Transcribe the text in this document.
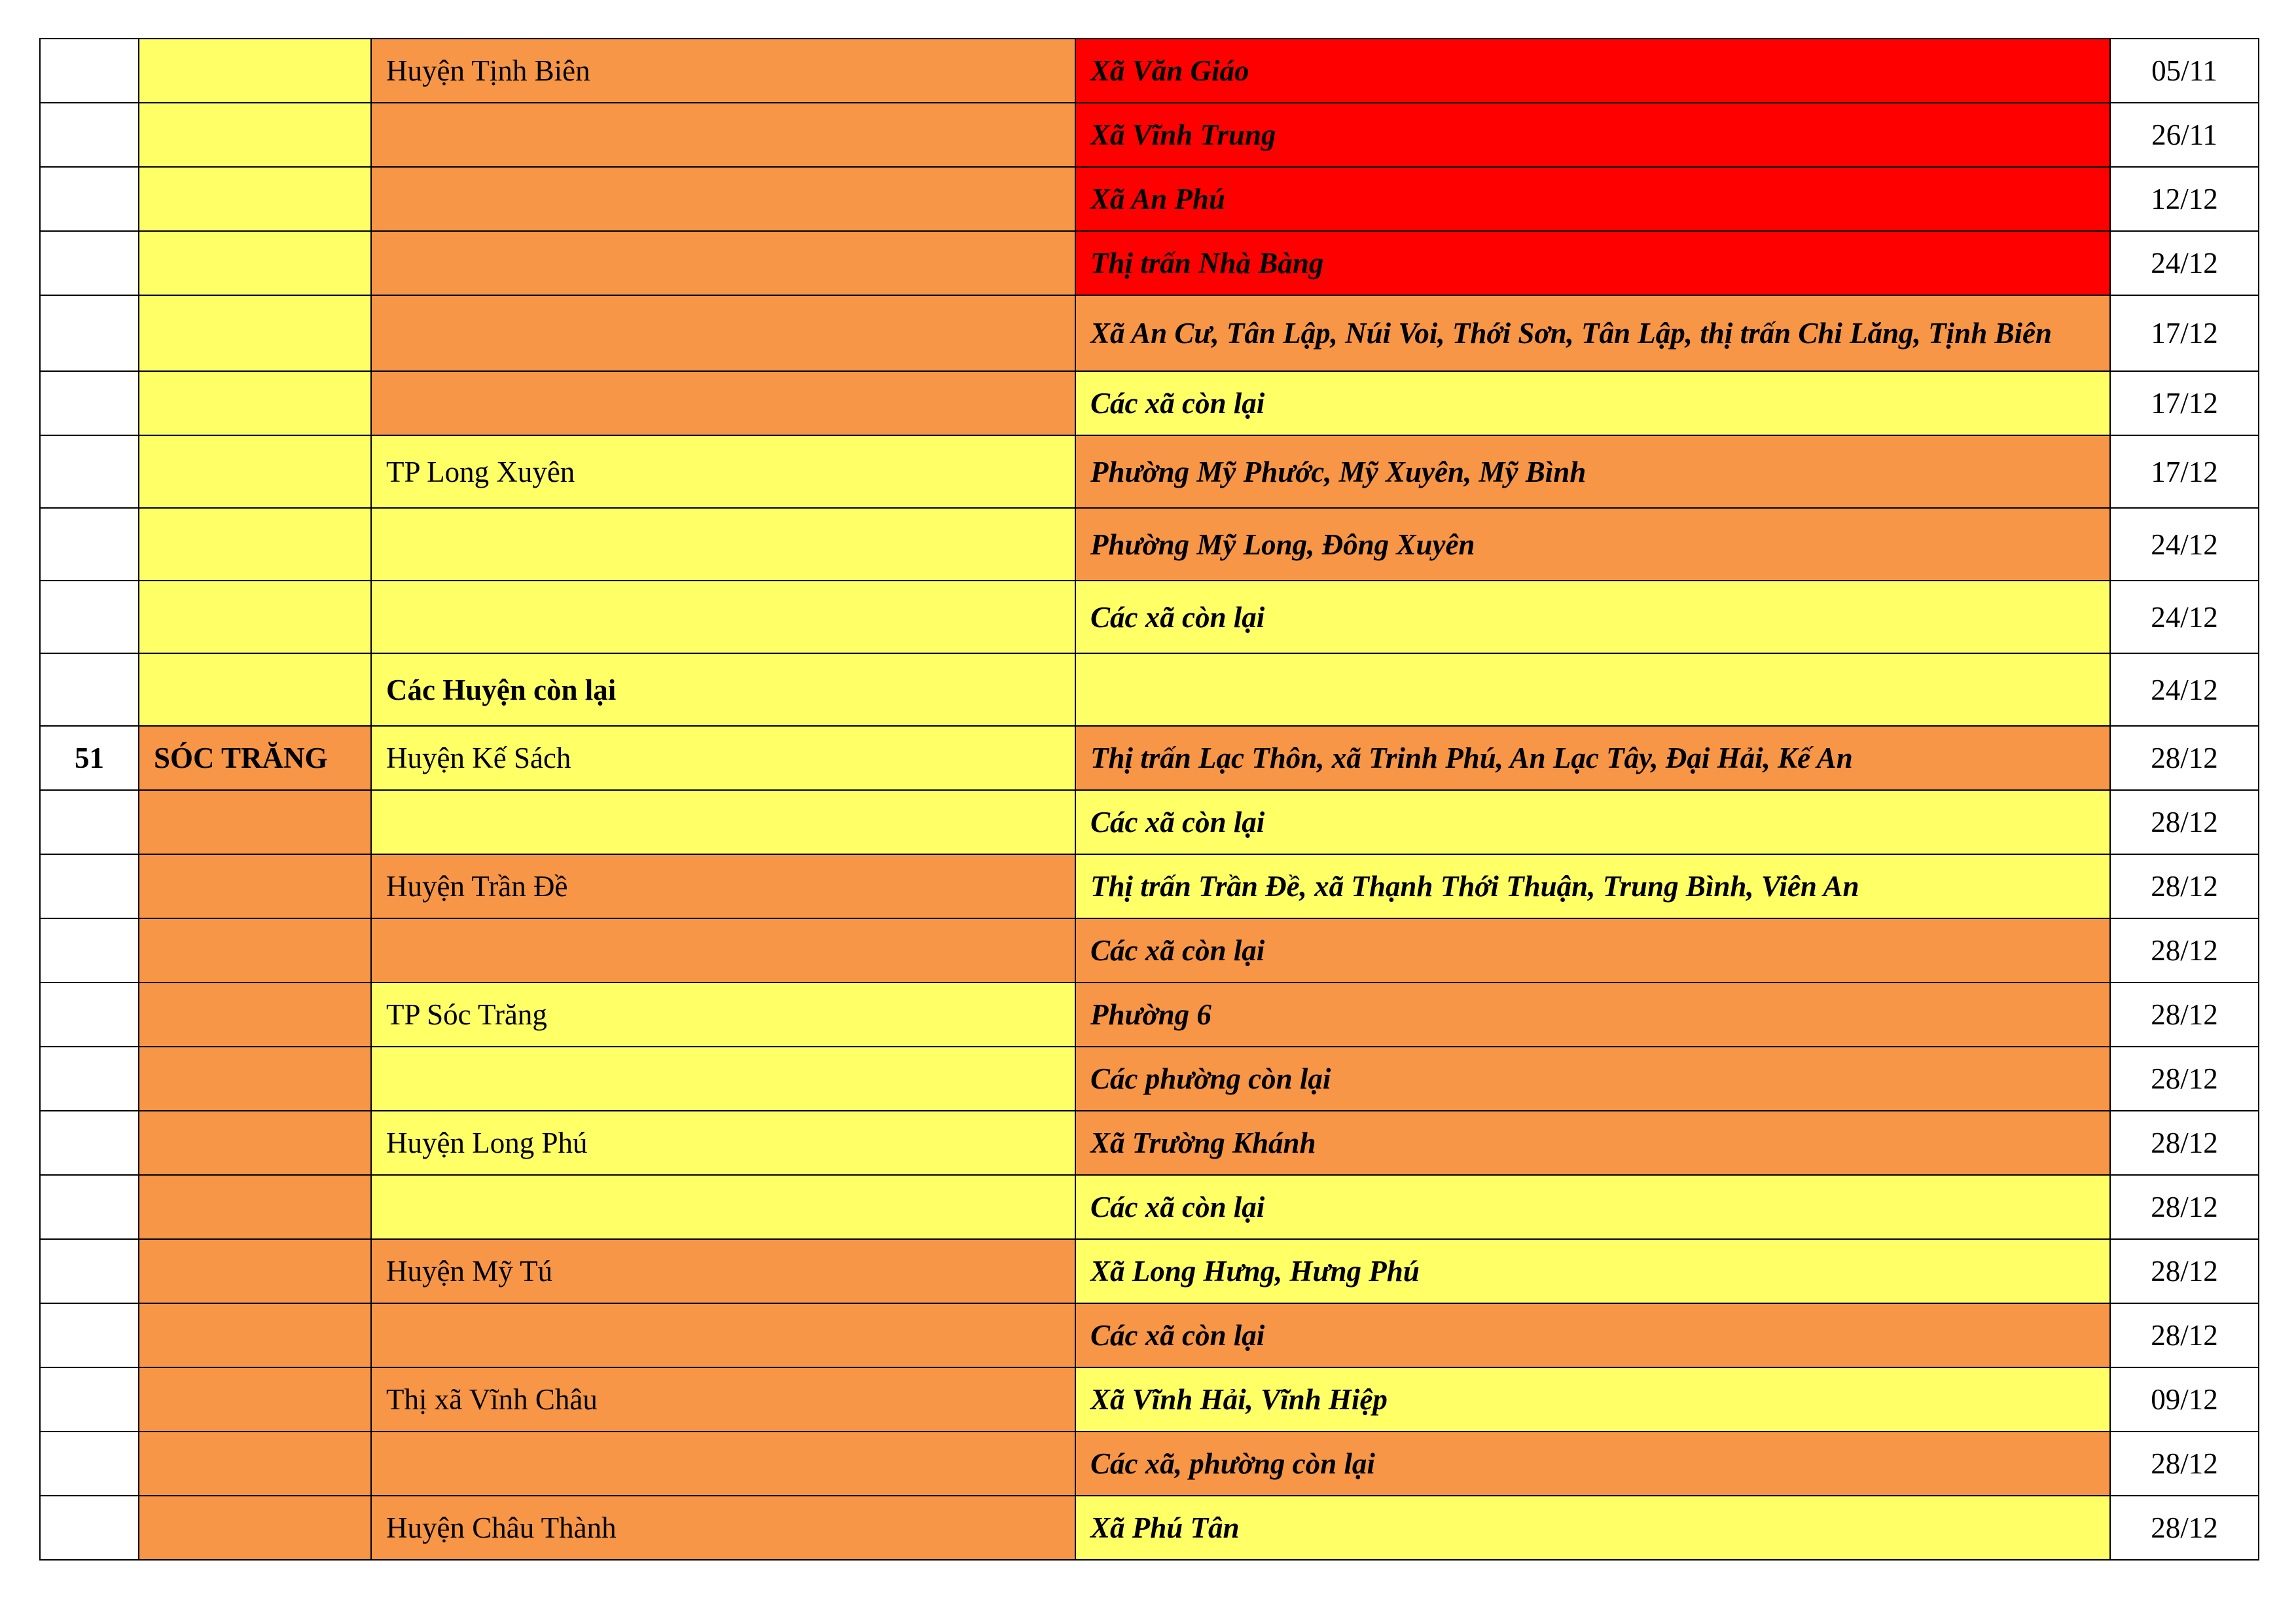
		Huyện Tịnh Biên	Xã Văn Giáo	05/11
			Xã Vĩnh Trung	26/11
			Xã An Phú	12/12
			Thị trấn Nhà Bàng	24/12
			Xã An Cư, Tân Lập, Núi Voi, Thới Sơn, Tân Lập, thị trấn Chi Lăng, Tịnh Biên	17/12
			Các xã còn lại	17/12
		TP Long Xuyên	Phường Mỹ Phước, Mỹ Xuyên, Mỹ Bình	17/12
			Phường Mỹ Long, Đông Xuyên	24/12
			Các xã còn lại	24/12
		Các Huyện còn lại		24/12
51	SÓC TRĂNG	Huyện Kế Sách	Thị trấn Lạc Thôn, xã Trinh Phú, An Lạc Tây, Đại Hải, Kế An	28/12
			Các xã còn lại	28/12
		Huyện Trần Đề	Thị trấn Trần Đề, xã Thạnh Thới Thuận, Trung Bình, Viên An	28/12
			Các xã còn lại	28/12
		TP Sóc Trăng	Phường 6	28/12
			Các phường còn lại	28/12
		Huyện Long Phú	Xã Trường Khánh	28/12
			Các xã còn lại	28/12
		Huyện Mỹ Tú	Xã Long Hưng, Hưng Phú	28/12
			Các xã còn lại	28/12
		Thị xã Vĩnh Châu	Xã Vĩnh Hải, Vĩnh Hiệp	09/12
			Các xã, phường còn lại	28/12
		Huyện Châu Thành	Xã Phú Tân	28/12
